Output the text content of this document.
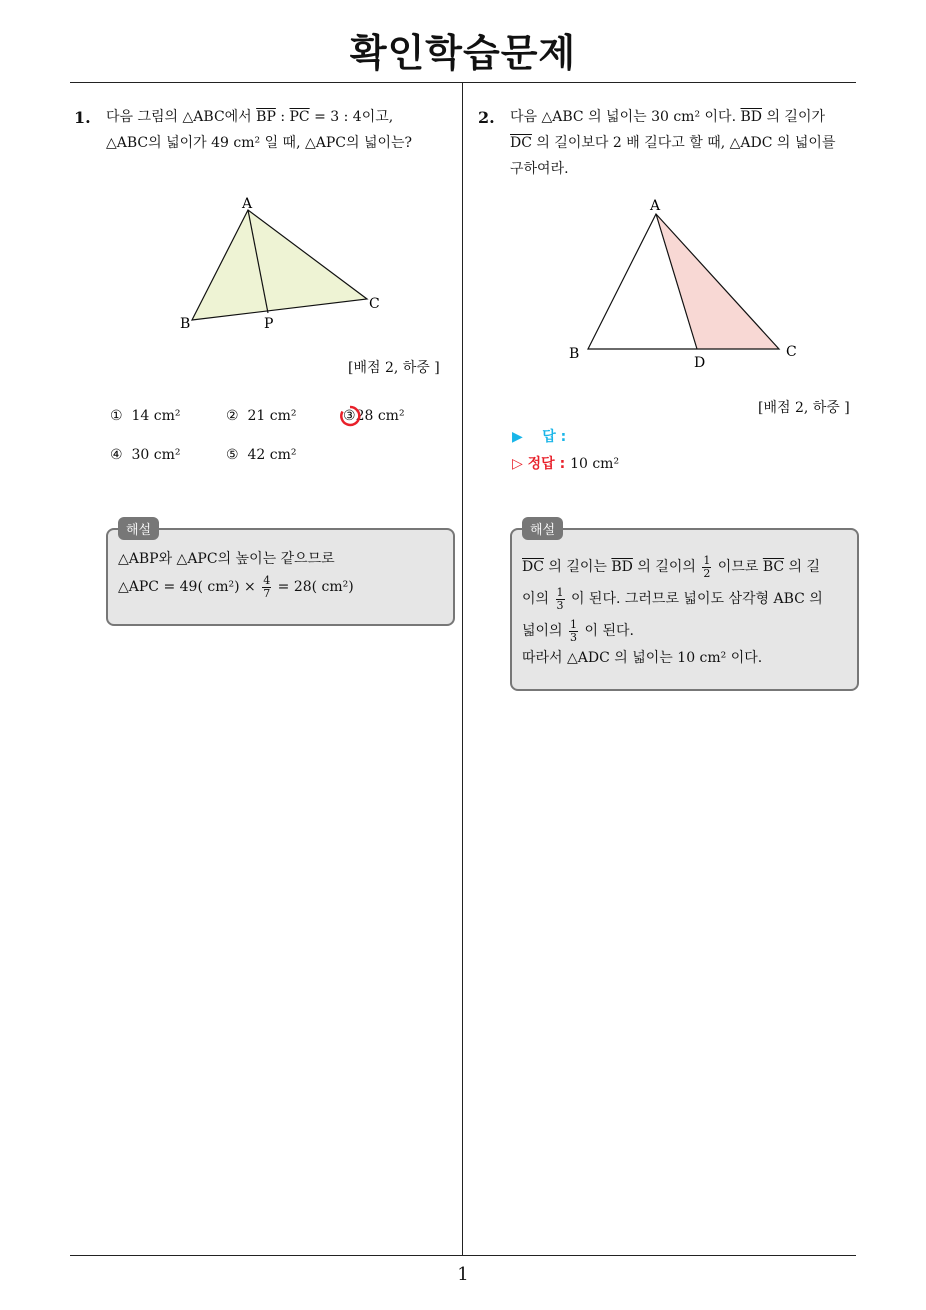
확인학습문제
1. 다음 그림의 △ABC에서 $\overline{BP}$ : $\overline{PC} = 3$ : 4이고,
△ABC의 넓이가 49 cm² 일 때, △APC의 넓이는?
A
B
C
P
[배점 2, 하중 ]
① 14 cm²	② 21 cm²	③28 cm²
④ 30 cm²	⑤ 42 cm²
해설
△ABP와 △APC의 높이는 같으므로
△APC = 49( $cm^2) \times \frac{4}{7} = 28$( cm²)
2. 다음 △ABC 의 넓이는 30 cm² 이다. $\overline{BD}$ 의 길이가
$\overline{DC}$ 의 길이보다 2 배 길다고 할 때, △ADC 의 넓이를
구하여라.
A
B	C
D
[배점 2, 하중 ]
▶ 답 :
▷ 정답 : 10 cm²
해설
$\overline{DC}$ 의 길이는 $\overline{BD}$ 의 길이의 $\frac{1}{2}$ 이므로 $\overline{BC}$ 의 길
이의 $\frac{1}{3}$ 이 된다. 그러므로 넓이도 삼각형 ABC 의
넓이의 $\frac{1}{3}$ 이 된다.
따라서 △ADC 의 넓이는 10 cm² 이다.
1
